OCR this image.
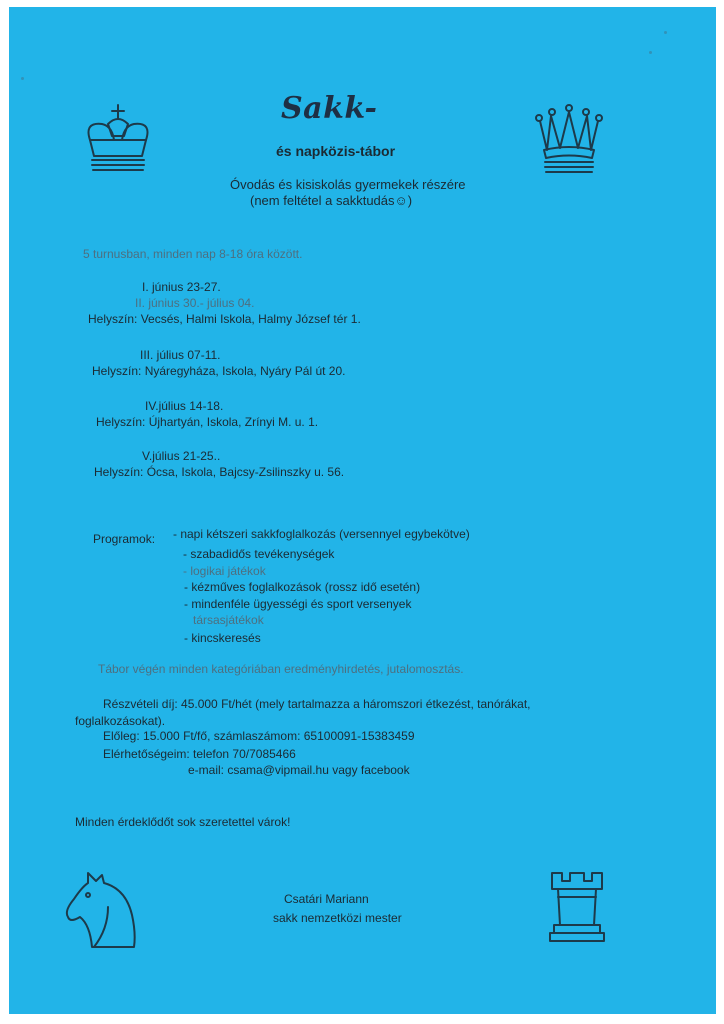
Sakk-
és napközis-tábor
Óvodás és kisiskolás gyermekek részére
(nem feltétel a sakktudás☺)
5 turnusban, minden nap 8-18 óra között.
I. június 23-27.
II. június 30.- július 04.
Helyszín: Vecsés, Halmi Iskola, Halmy József tér 1.
III. július 07-11.
Helyszín: Nyáregyháza, Iskola, Nyáry Pál út 20.
IV.július 14-18.
Helyszín: Újhartyán, Iskola, Zrínyi M. u. 1.
V.július 21-25..
Helyszín: Ócsa, Iskola, Bajcsy-Zsilinszky u. 56.
Programok: - napi kétszeri sakkfoglalkozás (versennyel egybekötve)
- szabadidős tevékenységek
- logikai játékok
- kézműves foglalkozások (rossz idő esetén)
- mindenféle ügyességi és sport versenyek
társasjátékok
- kincskeresés
Tábor végén minden kategóriában eredményhirdetés, jutalomosztás.
Részvételi díj: 45.000 Ft/hét (mely tartalmazza a háromszori étkezést, tanórákat,
foglalkozásokat).
Előleg: 15.000 Ft/fő, számlaszámom: 65100091-15383459
Elérhetőségeim: telefon 70/7085466
e-mail: csama@vipmail.hu vagy facebook
Minden érdeklődőt sok szeretettel várok!
Csatári Mariann
sakk nemzetközi mester
